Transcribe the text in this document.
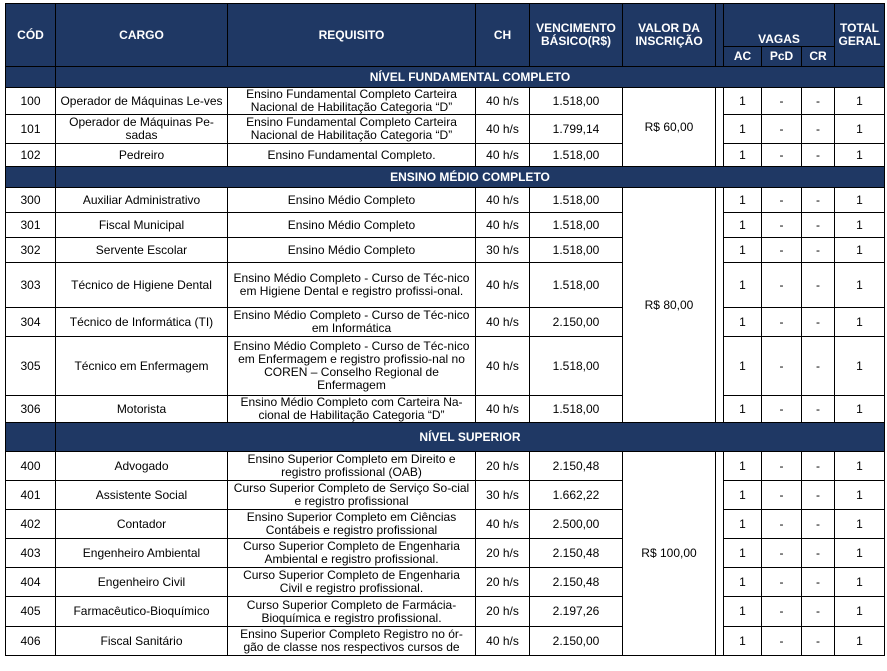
CÓD	CARGO	REQUISITO	CH	VENCIMENTO BÁSICO(R$)	VALOR DA INSCRIÇÃO		VAGAS			TOTAL GERAL
							AC	PcD	CR	
	NÍVEL FUNDAMENTAL COMPLETO									
100	Operador de Máquinas Le-ves	Ensino Fundamental Completo Carteira Nacional de Habilitação Categoria “D”	40 h/s	1.518,00	R$ 60,00		1	-	-	1
101	Operador de Máquinas Pe-sadas	Ensino Fundamental Completo Carteira Nacional de Habilitação Categoria “D”	40 h/s	1.799,14			1	-	-	1
102	Pedreiro	Ensino Fundamental Completo.	40 h/s	1.518,00			1	-	-	1
	ENSINO MÉDIO COMPLETO									
300	Auxiliar Administrativo	Ensino Médio Completo	40 h/s	1.518,00	R$ 80,00		1	-	-	1
301	Fiscal Municipal	Ensino Médio Completo	40 h/s	1.518,00			1	-	-	1
302	Servente Escolar	Ensino Médio Completo	30 h/s	1.518,00			1	-	-	1
303	Técnico de Higiene Dental	Ensino Médio Completo - Curso de Téc-nico em Higiene Dental e registro profissi-onal.	40 h/s	1.518,00			1	-	-	1
304	Técnico de Informática (TI)	Ensino Médio Completo - Curso de Téc-nico em Informática	40 h/s	2.150,00			1	-	-	1
305	Técnico em Enfermagem	Ensino Médio Completo - Curso de Téc-nico em Enfermagem e registro profissio-nal no COREN – Conselho Regional de Enfermagem	40 h/s	1.518,00			1	-	-	1
306	Motorista	Ensino Médio Completo com Carteira Na-cional de Habilitação Categoria “D”	40 h/s	1.518,00			1	-	-	1
	NÍVEL SUPERIOR									
400	Advogado	Ensino Superior Completo em Direito e registro profissional (OAB)	20 h/s	2.150,48	R$ 100,00		1	-	-	1
401	Assistente Social	Curso Superior Completo de Serviço So-cial e registro profissional	30 h/s	1.662,22			1	-	-	1
402	Contador	Ensino Superior Completo em Ciências Contábeis e registro profissional	40 h/s	2.500,00			1	-	-	1
403	Engenheiro Ambiental	Curso Superior Completo de Engenharia Ambiental e registro profissional.	20 h/s	2.150,48			1	-	-	1
404	Engenheiro Civil	Curso Superior Completo de Engenharia Civil e registro profissional.	20 h/s	2.150,48			1	-	-	1
405	Farmacêutico-Bioquímico	Curso Superior Completo de Farmácia-Bioquímica e registro profissional.	20 h/s	2.197,26			1	-	-	1
406	Fiscal Sanitário	Ensino Superior Completo Registro no ór-gão de classe nos respectivos cursos de	40 h/s	2.150,00			1	-	-	1
